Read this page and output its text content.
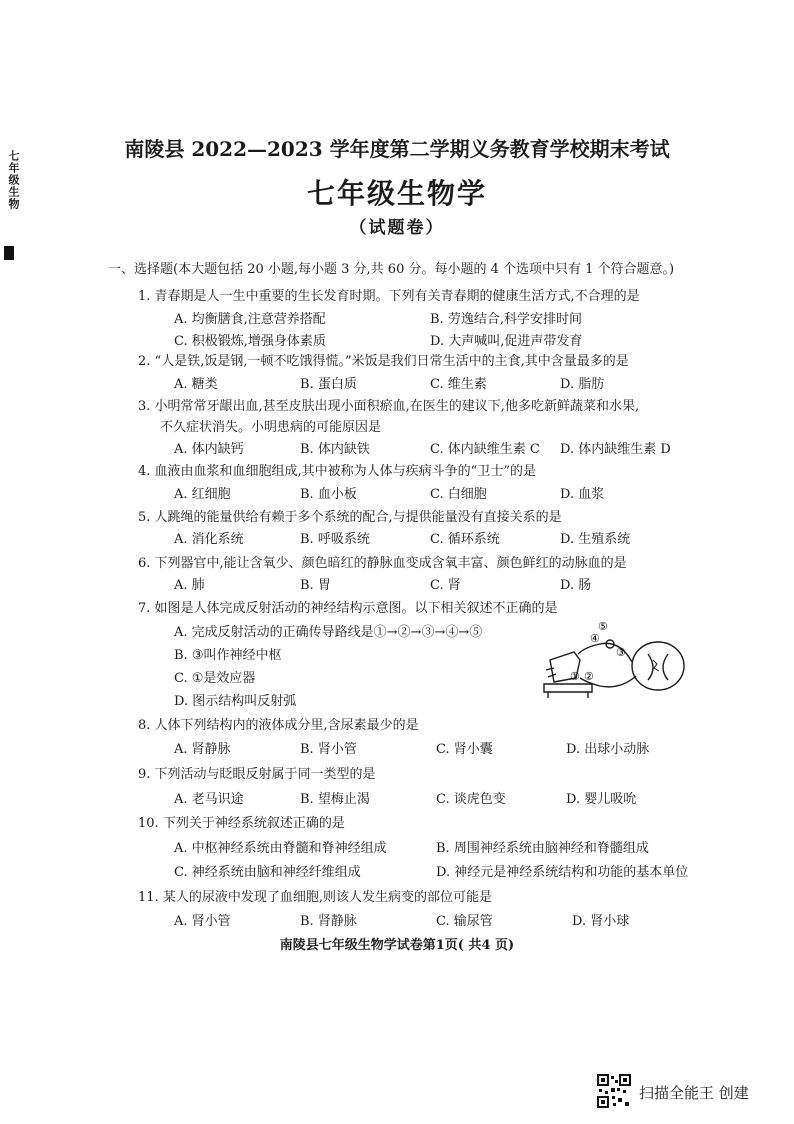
七年级生物
南陵县 2022—2023 学年度第二学期义务教育学校期末考试
七年级生物学
（试题卷）
一、选择题(本大题包括 20 小题,每小题 3 分,共 60 分。每小题的 4 个选项中只有 1 个符合题意。)
1. 青春期是人一生中重要的生长发育时期。下列有关青春期的健康生活方式,不合理的是
A. 均衡膳食,注意营养搭配	B. 劳逸结合,科学安排时间
C. 积极锻炼,增强身体素质	D. 大声喊叫,促进声带发育
2. “人是铁,饭是钢,一顿不吃饿得慌。”米饭是我们日常生活中的主食,其中含量最多的是
A. 糖类	B. 蛋白质	C. 维生素	D. 脂肪
3. 小明常常牙龈出血,甚至皮肤出现小面积瘀血,在医生的建议下,他多吃新鲜蔬菜和水果,
不久症状消失。小明患病的可能原因是
A. 体内缺钙	B. 体内缺铁	C. 体内缺维生素 C D. 体内缺维生素 D
4. 血液由血浆和血细胞组成,其中被称为人体与疾病斗争的“卫士”的是
A. 红细胞	B. 血小板	C. 白细胞	D. 血浆
5. 人跳绳的能量供给有赖于多个系统的配合,与提供能量没有直接关系的是
A. 消化系统	B. 呼吸系统	C. 循环系统	D. 生殖系统
6. 下列器官中,能让含氧少、颜色暗红的静脉血变成含氧丰富、颜色鲜红的动脉血的是
A. 肺	B. 胃	C. 肾	D. 肠
7. 如图是人体完成反射活动的神经结构示意图。以下相关叙述不正确的是
A. 完成反射活动的正确传导路线是①→②→③→④→⑤
B. ③叫作神经中枢
C. ①是效应器
D. 图示结构叫反射弧
8. 人体下列结构内的液体成分里,含尿素最少的是
A. 肾静脉	B. 肾小管	C. 肾小囊	D. 出球小动脉
9. 下列活动与眨眼反射属于同一类型的是
A. 老马识途	B. 望梅止渴	C. 谈虎色变	D. 婴儿吸吮
10. 下列关于神经系统叙述正确的是
A. 中枢神经系统由脊髓和脊神经组成	B. 周围神经系统由脑神经和脊髓组成
C. 神经系统由脑和神经纤维组成	D. 神经元是神经系统结构和功能的基本单位
11. 某人的尿液中发现了血细胞,则该人发生病变的部位可能是
A. 肾小管	B. 肾静脉	C. 输尿管	D. 肾小球
⑤
④
③
① ②
南陵县七年级生物学试卷第1页( 共4 页)
扫描全能王 创建
